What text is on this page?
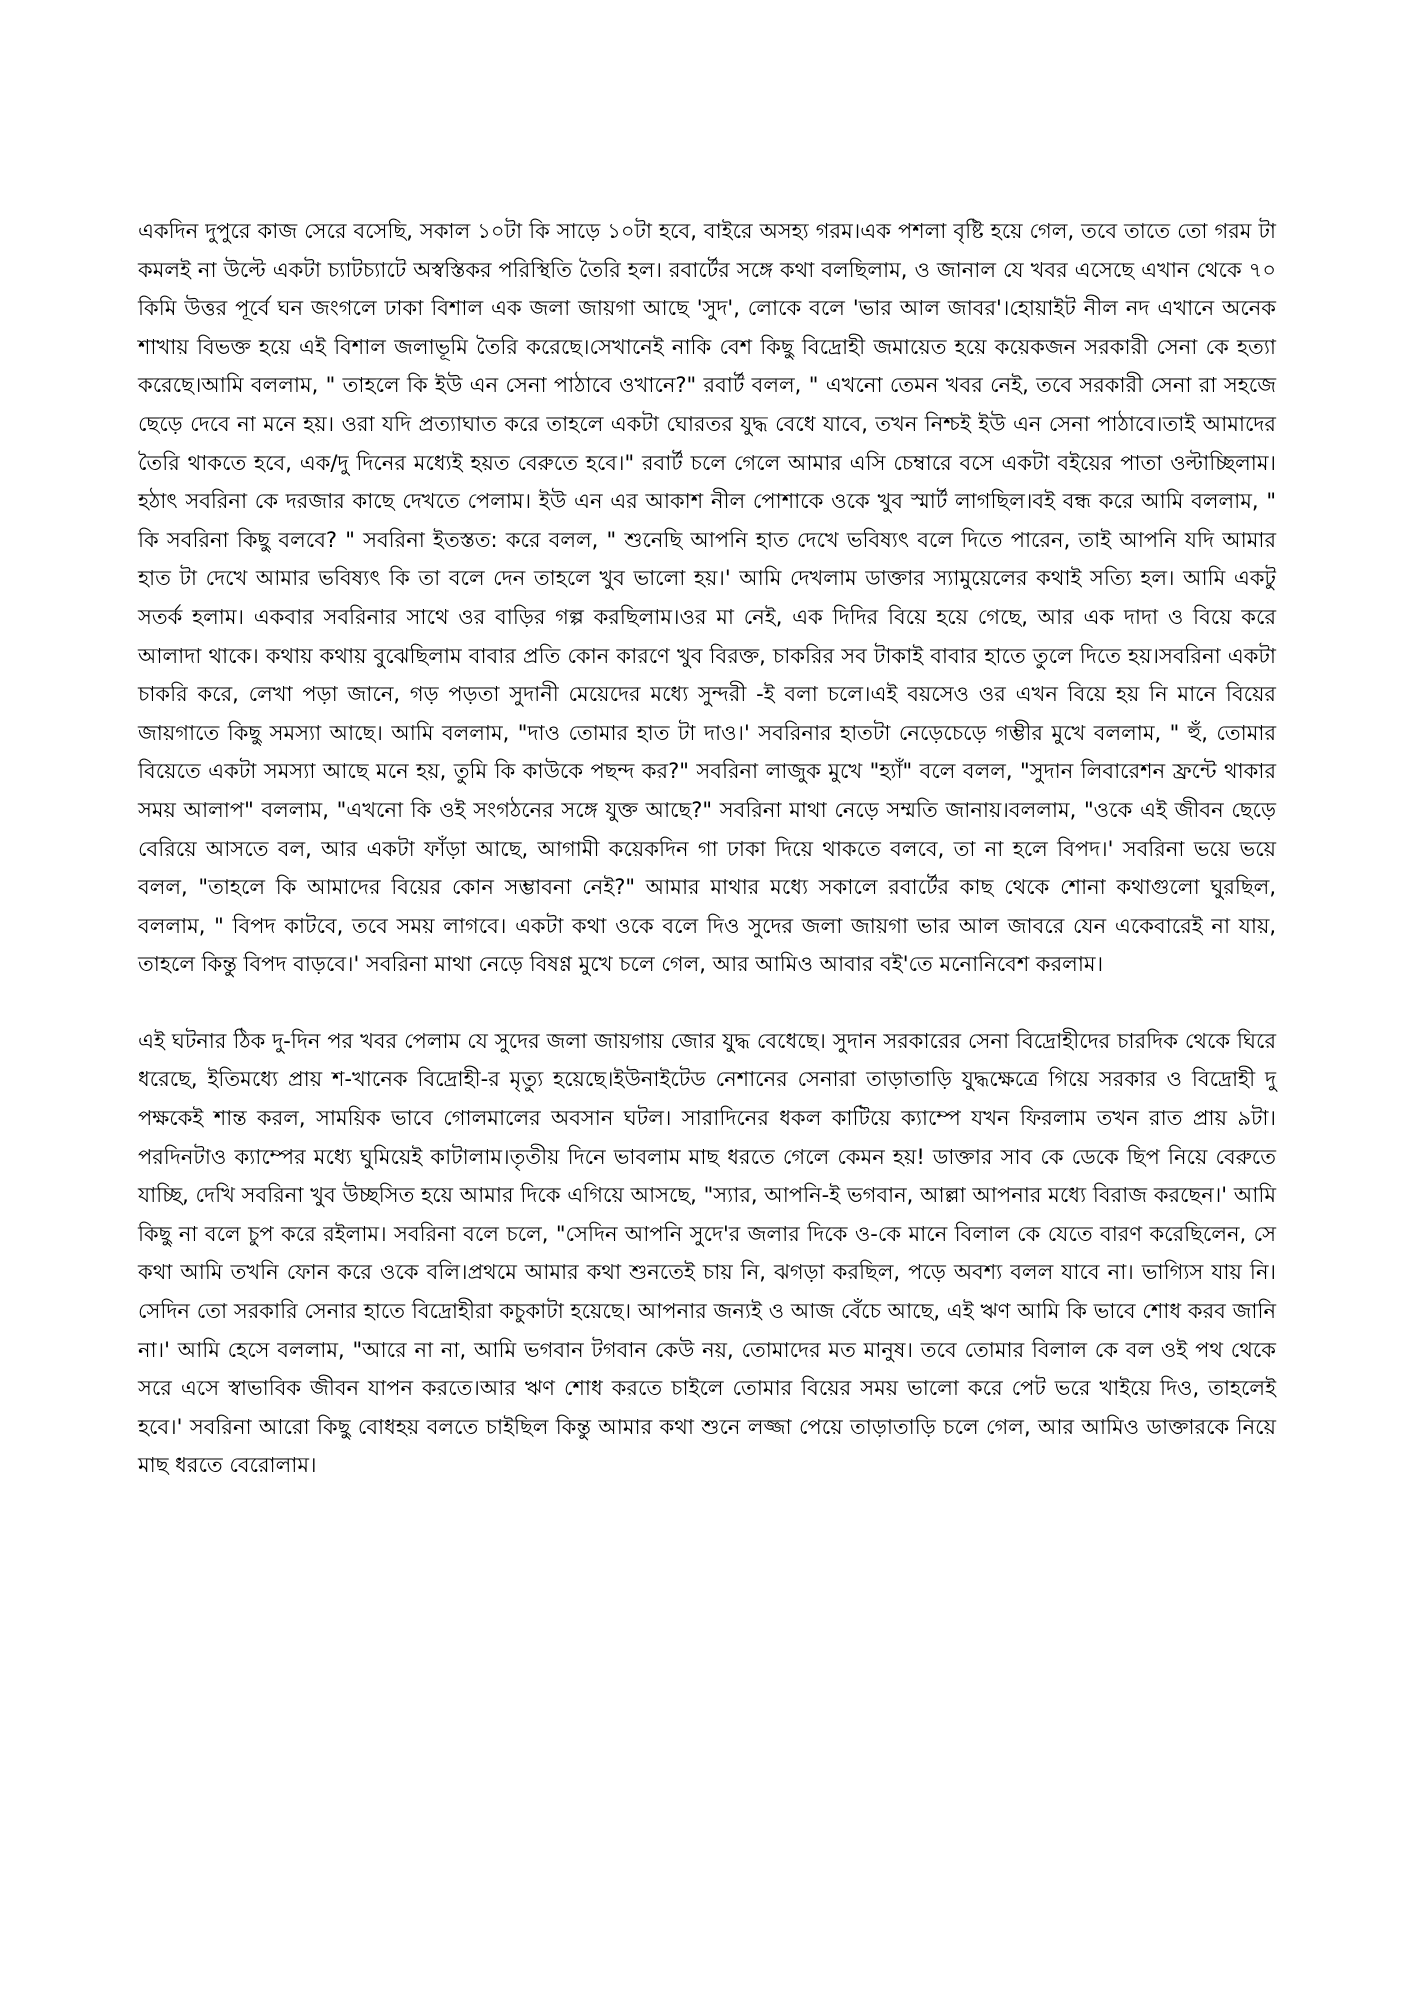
একদিন দুপুরে কাজ সেরে বসেছি, সকাল ১০টা কি সাড়ে ১০টা হবে, বাইরে অসহ্য গরম।এক পশলা বৃষ্টি হয়ে গেল, তবে তাতে তো গরম টা কমলই না উল্টে একটা চ্যাটচ্যাটে অস্বস্তিকর পরিস্থিতি তৈরি হল। রবার্টের সঙ্গে কথা বলছিলাম, ও জানাল যে খবর এসেছে এখান থেকে ৭০ কিমি উত্তর পূর্বে ঘন জংগলে ঢাকা বিশাল এক জলা জায়গা আছে 'সুদ', লোকে বলে 'ভার আল জাবর'।হোয়াইট নীল নদ এখানে অনেক শাখায় বিভক্ত হয়ে এই বিশাল জলাভূমি তৈরি করেছে।সেখানেই নাকি বেশ কিছু বিদ্রোহী জমায়েত হয়ে কয়েকজন সরকারী সেনা কে হত্যা করেছে।আমি বললাম, " তাহলে কি ইউ এন সেনা পাঠাবে ওখানে?" রবার্ট বলল, " এখনো তেমন খবর নেই, তবে সরকারী সেনা রা সহজে ছেড়ে দেবে না মনে হয়। ওরা যদি প্রত্যাঘাত করে তাহলে একটা ঘোরতর যুদ্ধ বেধে যাবে, তখন নিশ্চই ইউ এন সেনা পাঠাবে।তাই আমাদের তৈরি থাকতে হবে, এক/দু দিনের মধ্যেই হয়ত বেরুতে হবে।" রবার্ট চলে গেলে আমার এসি চেম্বারে বসে একটা বইয়ের পাতা ওল্টাচ্ছিলাম। হঠাৎ সবরিনা কে দরজার কাছে দেখতে পেলাম। ইউ এন এর আকাশ নীল পোশাকে ওকে খুব স্মার্ট লাগছিল।বই বন্ধ করে আমি বললাম, " কি সবরিনা কিছু বলবে? " সবরিনা ইতস্তত: করে বলল, " শুনেছি আপনি হাত দেখে ভবিষ্যৎ বলে দিতে পারেন, তাই আপনি যদি আমার হাত টা দেখে আমার ভবিষ্যৎ কি তা বলে দেন তাহলে খুব ভালো হয়।' আমি দেখলাম ডাক্তার স্যামুয়েলের কথাই সত্যি হল। আমি একটু সতর্ক হলাম। একবার সবরিনার সাথে ওর বাড়ির গল্প করছিলাম।ওর মা নেই, এক দিদির বিয়ে হয়ে গেছে, আর এক দাদা ও বিয়ে করে আলাদা থাকে। কথায় কথায় বুঝেছিলাম বাবার প্রতি কোন কারণে খুব বিরক্ত, চাকরির সব টাকাই বাবার হাতে তুলে দিতে হয়।সবরিনা একটা চাকরি করে, লেখা পড়া জানে, গড় পড়তা সুদানী মেয়েদের মধ্যে সুন্দরী -ই বলা চলে।এই বয়সেও ওর এখন বিয়ে হয় নি মানে বিয়ের জায়গাতে কিছু সমস্যা আছে। আমি বললাম, "দাও তোমার হাত টা দাও।' সবরিনার হাতটা নেড়েচেড়ে গম্ভীর মুখে বললাম, " হুঁ, তোমার বিয়েতে একটা সমস্যা আছে মনে হয়, তুমি কি কাউকে পছন্দ কর?" সবরিনা লাজুক মুখে "হ্যাঁ" বলে বলল, "সুদান লিবারেশন ফ্রন্টে থাকার সময় আলাপ" বললাম, "এখনো কি ওই সংগঠনের সঙ্গে যুক্ত আছে?" সবরিনা মাথা নেড়ে সম্মতি জানায়।বললাম, "ওকে এই জীবন ছেড়ে বেরিয়ে আসতে বল, আর একটা ফাঁড়া আছে, আগামী কয়েকদিন গা ঢাকা দিয়ে থাকতে বলবে, তা না হলে বিপদ।' সবরিনা ভয়ে ভয়ে বলল, "তাহলে কি আমাদের বিয়ের কোন সম্ভাবনা নেই?" আমার মাথার মধ্যে সকালে রবার্টের কাছ থেকে শোনা কথাগুলো ঘুরছিল, বললাম, " বিপদ কাটবে, তবে সময় লাগবে। একটা কথা ওকে বলে দিও সুদের জলা জায়গা ভার আল জাবরে যেন একেবারেই না যায়, তাহলে কিন্তু বিপদ বাড়বে।' সবরিনা মাথা নেড়ে বিষণ্ণ মুখে চলে গেল, আর আমিও আবার বই'তে মনোনিবেশ করলাম।

এই ঘটনার ঠিক দু-দিন পর খবর পেলাম যে সুদের জলা জায়গায় জোর যুদ্ধ বেধেছে। সুদান সরকারের সেনা বিদ্রোহীদের চারদিক থেকে ঘিরে ধরেছে, ইতিমধ্যে প্রায় শ-খানেক বিদ্রোহী-র মৃত্যু হয়েছে।ইউনাইটেড নেশানের সেনারা তাড়াতাড়ি যুদ্ধক্ষেত্রে গিয়ে সরকার ও বিদ্রোহী দু পক্ষকেই শান্ত করল, সাময়িক ভাবে গোলমালের অবসান ঘটল। সারাদিনের ধকল কাটিয়ে ক্যাম্পে যখন ফিরলাম তখন রাত প্রায় ৯টা। পরদিনটাও ক্যাম্পের মধ্যে ঘুমিয়েই কাটালাম।তৃতীয় দিনে ভাবলাম মাছ ধরতে গেলে কেমন হয়! ডাক্তার সাব কে ডেকে ছিপ নিয়ে বেরুতে যাচ্ছি, দেখি সবরিনা খুব উচ্ছসিত হয়ে আমার দিকে এগিয়ে আসছে, "স্যার, আপনি-ই ভগবান, আল্লা আপনার মধ্যে বিরাজ করছেন।' আমি কিছু না বলে চুপ করে রইলাম। সবরিনা বলে চলে, "সেদিন আপনি সুদে'র জলার দিকে ও-কে মানে বিলাল কে যেতে বারণ করেছিলেন, সে কথা আমি তখনি ফোন করে ওকে বলি।প্রথমে আমার কথা শুনতেই চায় নি, ঝগড়া করছিল, পড়ে অবশ্য বলল যাবে না। ভাগ্যিস যায় নি।সেদিন তো সরকারি সেনার হাতে বিদ্রোহীরা কচুকাটা হয়েছে। আপনার জন্যই ও আজ বেঁচে আছে, এই ঋণ আমি কি ভাবে শোধ করব জানি না।' আমি হেসে বললাম, "আরে না না, আমি ভগবান টগবান কেউ নয়, তোমাদের মত মানুষ। তবে তোমার বিলাল কে বল ওই পথ থেকে সরে এসে স্বাভাবিক জীবন যাপন করতে।আর ঋণ শোধ করতে চাইলে তোমার বিয়ের সময় ভালো করে পেট ভরে খাইয়ে দিও, তাহলেই হবে।' সবরিনা আরো কিছু বোধহয় বলতে চাইছিল কিন্তু আমার কথা শুনে লজ্জা পেয়ে তাড়াতাড়ি চলে গেল, আর আমিও ডাক্তারকে নিয়ে মাছ ধরতে বেরোলাম।
